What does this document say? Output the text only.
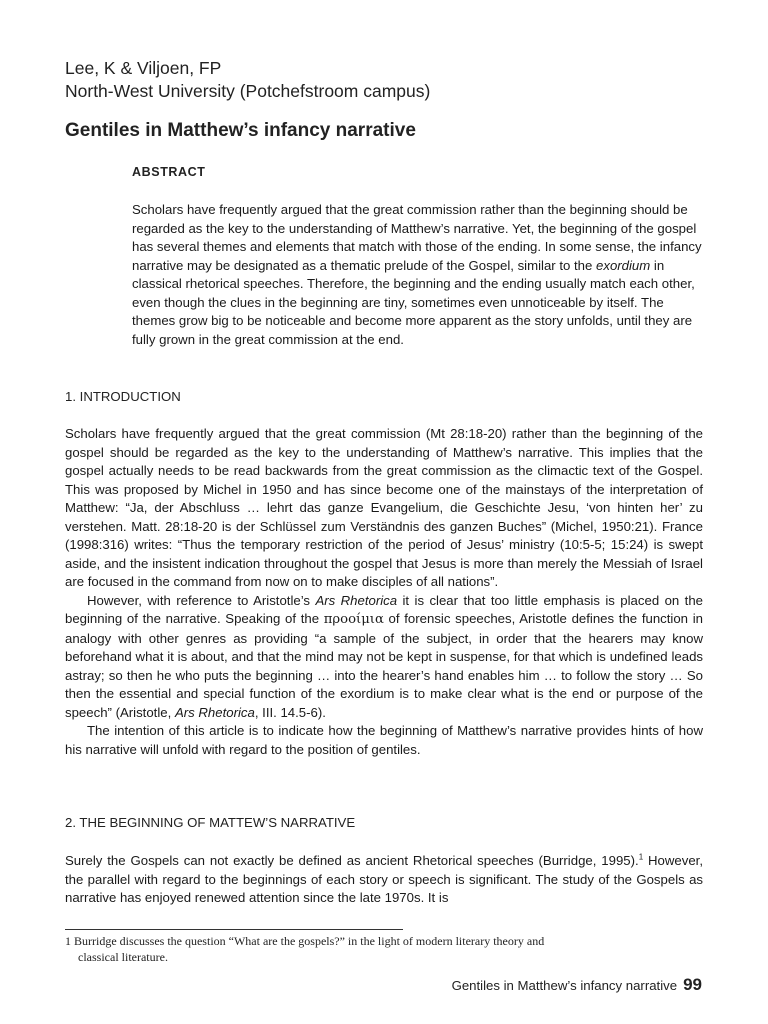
Lee, K & Viljoen, FP
North-West University (Potchefstroom campus)
Gentiles in Matthew’s infancy narrative
ABSTRACT

Scholars have frequently argued that the great commission rather than the beginning should be regarded as the key to the understanding of Matthew’s narrative. Yet, the beginning of the gospel has several themes and elements that match with those of the ending. In some sense, the infancy narrative may be designated as a thematic prelude of the Gospel, similar to the exordium in classical rhetorical speeches. Therefore, the beginning and the ending usually match each other, even though the clues in the beginning are tiny, sometimes even unnoticeable by itself. The themes grow big to be noticeable and become more apparent as the story unfolds, until they are fully grown in the great commission at the end.

1. INTRODUCTION

Scholars have frequently argued that the great commission (Mt 28:18-20) rather than the beginning of the gospel should be regarded as the key to the understanding of Matthew’s narrative. This implies that the gospel actually needs to be read backwards from the great commission as the climactic text of the Gospel. This was proposed by Michel in 1950 and has since become one of the mainstays of the interpretation of Matthew: “Ja, der Abschluss … lehrt das ganze Evangelium, die Geschichte Jesu, ‘von hinten her’ zu verstehen. Matt. 28:18-20 is der Schlüssel zum Verständnis des ganzen Buches” (Michel, 1950:21). France (1998:316) writes: “Thus the temporary restriction of the period of Jesus’ ministry (10:5-5; 15:24) is swept aside, and the insistent indication throughout the gospel that Jesus is more than merely the Messiah of Israel are focused in the command from now on to make disciples of all nations”.

However, with reference to Aristotle’s Ars Rhetorica it is clear that too little emphasis is placed on the beginning of the narrative. Speaking of the προοίμια of forensic speeches, Aristotle defines the function in analogy with other genres as providing “a sample of the subject, in order that the hearers may know beforehand what it is about, and that the mind may not be kept in suspense, for that which is undefined leads astray; so then he who puts the beginning … into the hearer’s hand enables him … to follow the story … So then the essential and special function of the exordium is to make clear what is the end or purpose of the speech” (Aristotle, Ars Rhetorica, III. 14.5-6).

The intention of this article is to indicate how the beginning of Matthew’s narrative provides hints of how his narrative will unfold with regard to the position of gentiles.

2. THE BEGINNING OF MATTEW’S NARRATIVE

Surely the Gospels can not exactly be defined as ancient Rhetorical speeches (Burridge, 1995).$^1$ However, the parallel with regard to the beginnings of each story or speech is significant. The study of the Gospels as narrative has enjoyed renewed attention since the late 1970s. It is

1 Burridge discusses the question “What are the gospels?” in the light of modern literary theory and
classical literature.
Gentiles in Matthew’s infancy narrative 99
